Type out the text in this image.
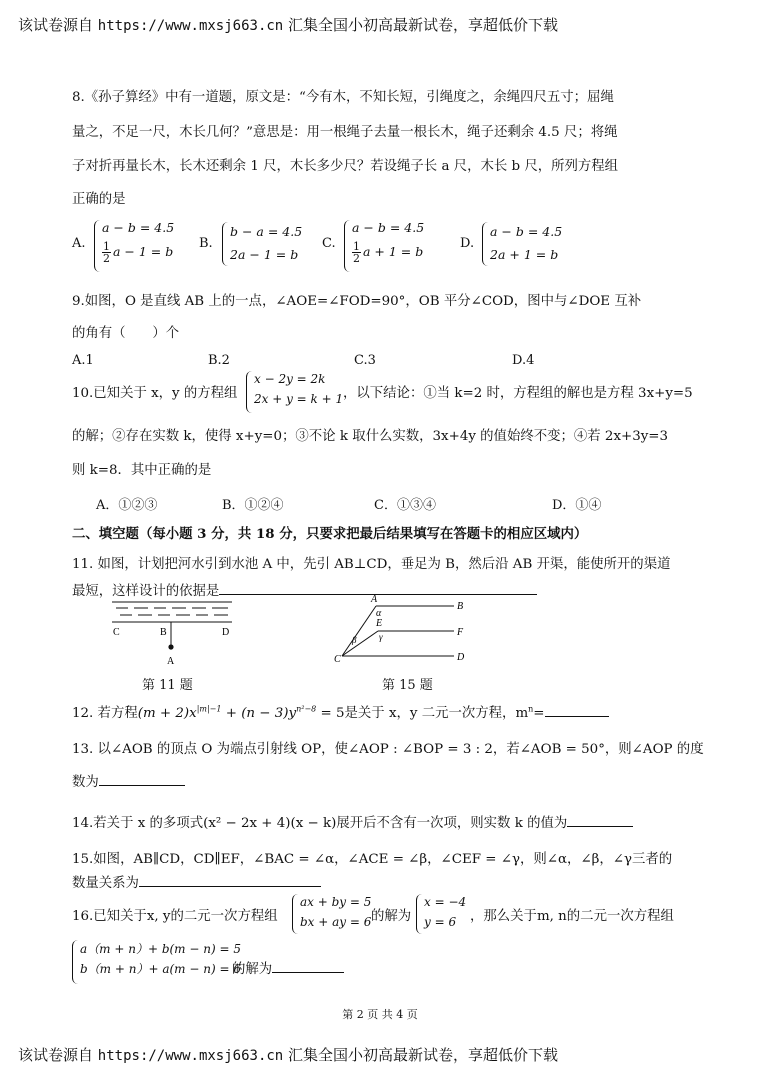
该试卷源自 https://www.mxsj663.cn 汇集全国小初高最新试卷，享超低价下载
8.《孙子算经》中有一道题，原文是：“今有木，不知长短，引绳度之，余绳四尺五寸；屈绳
量之，不足一尺，木长几何？”意思是：用一根绳子去量一根长木，绳子还剩余 4.5 尺；将绳
子对折再量长木，长木还剩余 1 尺，木长多少尺？若设绳子长 a 尺，木长 b 尺，所列方程组
正确的是
A.
a − b = 4.5
$\frac{1}{2}$ a − 1 = b B.
b − a = 4.5
2a − 1 = b
C.
a − b = 4.5
$\frac{1}{2}$ a + 1 = b	D.
a − b = 4.5
2a + 1 = b
9.如图，O 是直线 AB 上的一点，∠AOE=∠FOD=90°，OB 平分∠COD，图中与∠DOE 互补
的角有（　　）个
A.1	B.2	C.3	D.4
10.已知关于 x，y 的方程组
x − 2y = 2k
2x + y = k + 1 ，以下结论：①当 k=2 时，方程组的解也是方程 3x+y=5
的解；②存在实数 k，使得 x+y=0；③不论 k 取什么实数，3x+4y 的值始终不变；④若 2x+3y=3
则 k=8．其中正确的是
A．①②③	B．①②④	C．①③④	D．①④
二、填空题（每小题 3 分，共 18 分，只要求把最后结果填写在答题卡的相应区域内）
11. 如图，计划把河水引到水池 A 中，先引 AB⊥CD，垂足为 B，然后沿 AB 开渠，能使所开的渠道
最短，这样设计的依据是
C	B	D
A
第 11 题
A
B
E
F
C	D
α
β	γ
第 15 题
12. 若方程$(m + 2)x^{|m|-1} + (n - 3)y^{n^2-8} = 5$是关于 x，y 二元一次方程，$m^n=$
13. 以∠AOB 的顶点 O 为端点引射线 OP，使∠AOP : ∠BOP = 3 : 2，若∠AOB = 50°，则∠AOP 的度
数为
14.若关于 x 的多项式(x² − 2x + 4)(x − k)展开后不含有一次项，则实数 k 的值为
15.如图，AB∥CD，CD∥EF，∠BAC = ∠α，∠ACE = ∠β，∠CEF = ∠γ，则∠α，∠β，∠γ三者的
数量关系为
16.已知关于x, y的二元一次方程组
ax + by = 5
bx + ay = 6 的解为
x = −4
y = 6	，那么关于m, n的二元一次方程组
a（m + n）+ b(m − n) = 5
b（m + n）+ a(m − n) = 6
的解为
第 2 页 共 4 页
该试卷源自 https://www.mxsj663.cn 汇集全国小初高最新试卷，享超低价下载
